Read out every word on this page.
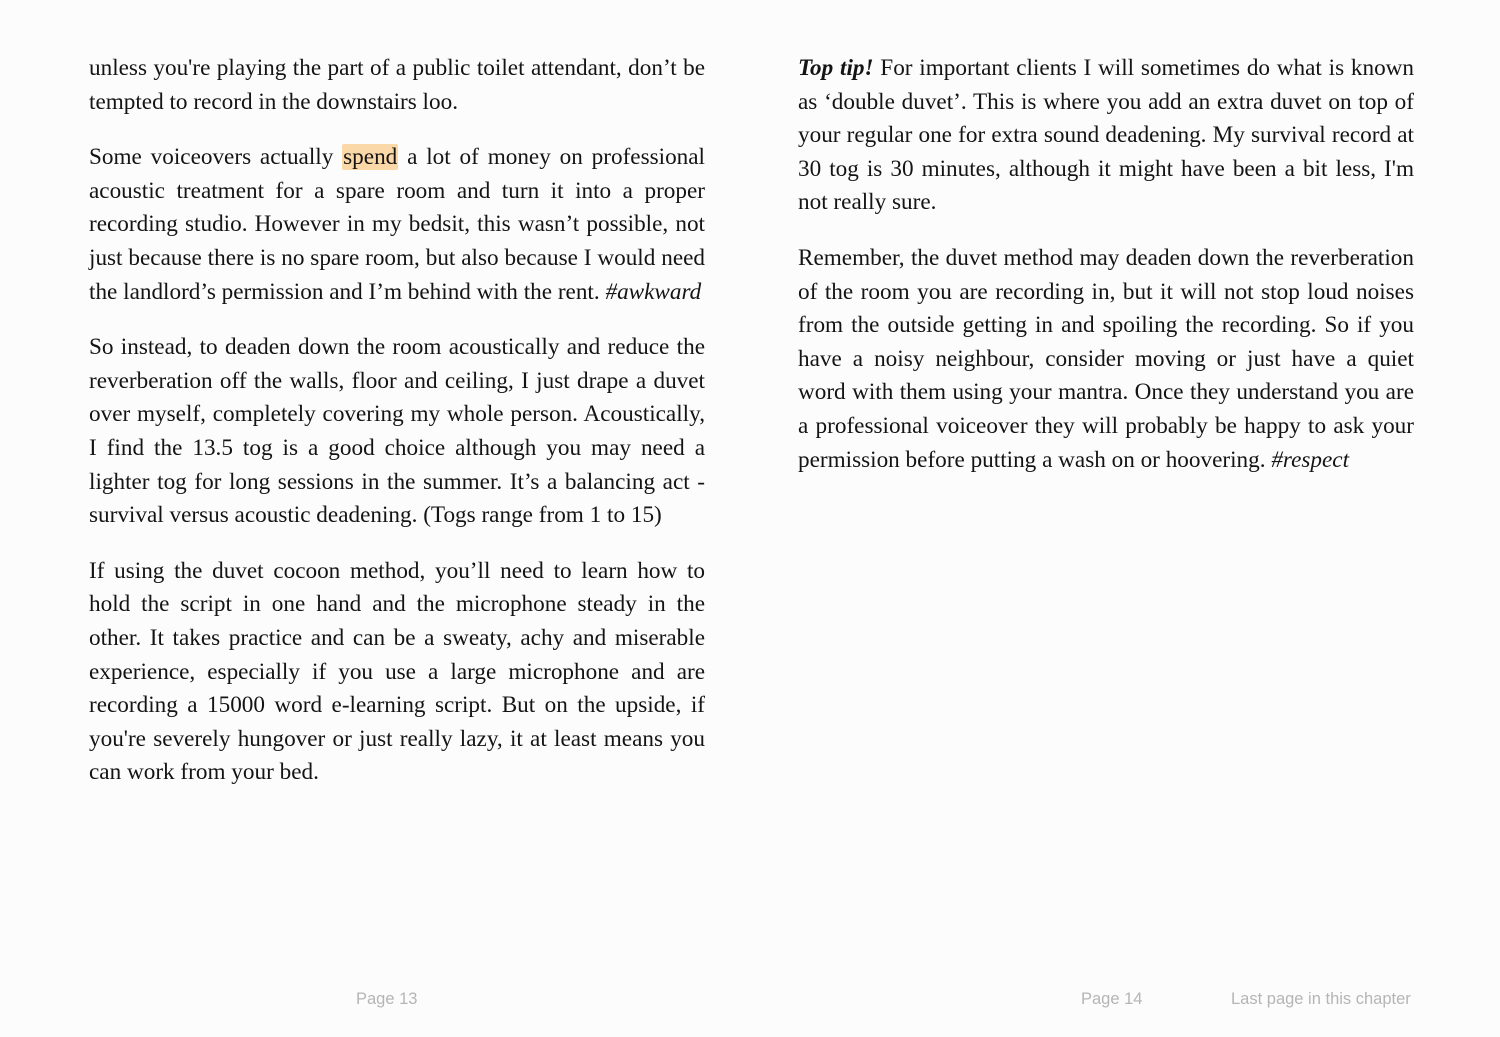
unless you're playing the part of a public toilet attendant, don’t be tempted to record in the downstairs loo.

Some voiceovers actually spend a lot of money on professional acoustic treatment for a spare room and turn it into a proper recording studio. However in my bedsit, this wasn’t possible, not just because there is no spare room, but also because I would need the landlord’s permission and I’m behind with the rent. #awkward

So instead, to deaden down the room acoustically and reduce the reverberation off the walls, floor and ceiling, I just drape a duvet over myself, completely covering my whole person. Acoustically, I find the 13.5 tog is a good choice although you may need a lighter tog for long sessions in the summer. It’s a balancing act - survival versus acoustic deadening. (Togs range from 1 to 15)

If using the duvet cocoon method, you’ll need to learn how to hold the script in one hand and the microphone steady in the other. It takes practice and can be a sweaty, achy and miserable experience, especially if you use a large microphone and are recording a 15000 word e-learning script. But on the upside, if you're severely hungover or just really lazy, it at least means you can work from your bed.

Top tip! For important clients I will sometimes do what is known as ‘double duvet’. This is where you add an extra duvet on top of your regular one for extra sound deadening. My survival record at 30 tog is 30 minutes, although it might have been a bit less, I'm not really sure.

Remember, the duvet method may deaden down the reverberation of the room you are recording in, but it will not stop loud noises from the outside getting in and spoiling the recording. So if you have a noisy neighbour, consider moving or just have a quiet word with them using your mantra. Once they understand you are a professional voiceover they will probably be happy to ask your permission before putting a wash on or hoovering. #respect

Page 13	Page 14	Last page in this chapter
